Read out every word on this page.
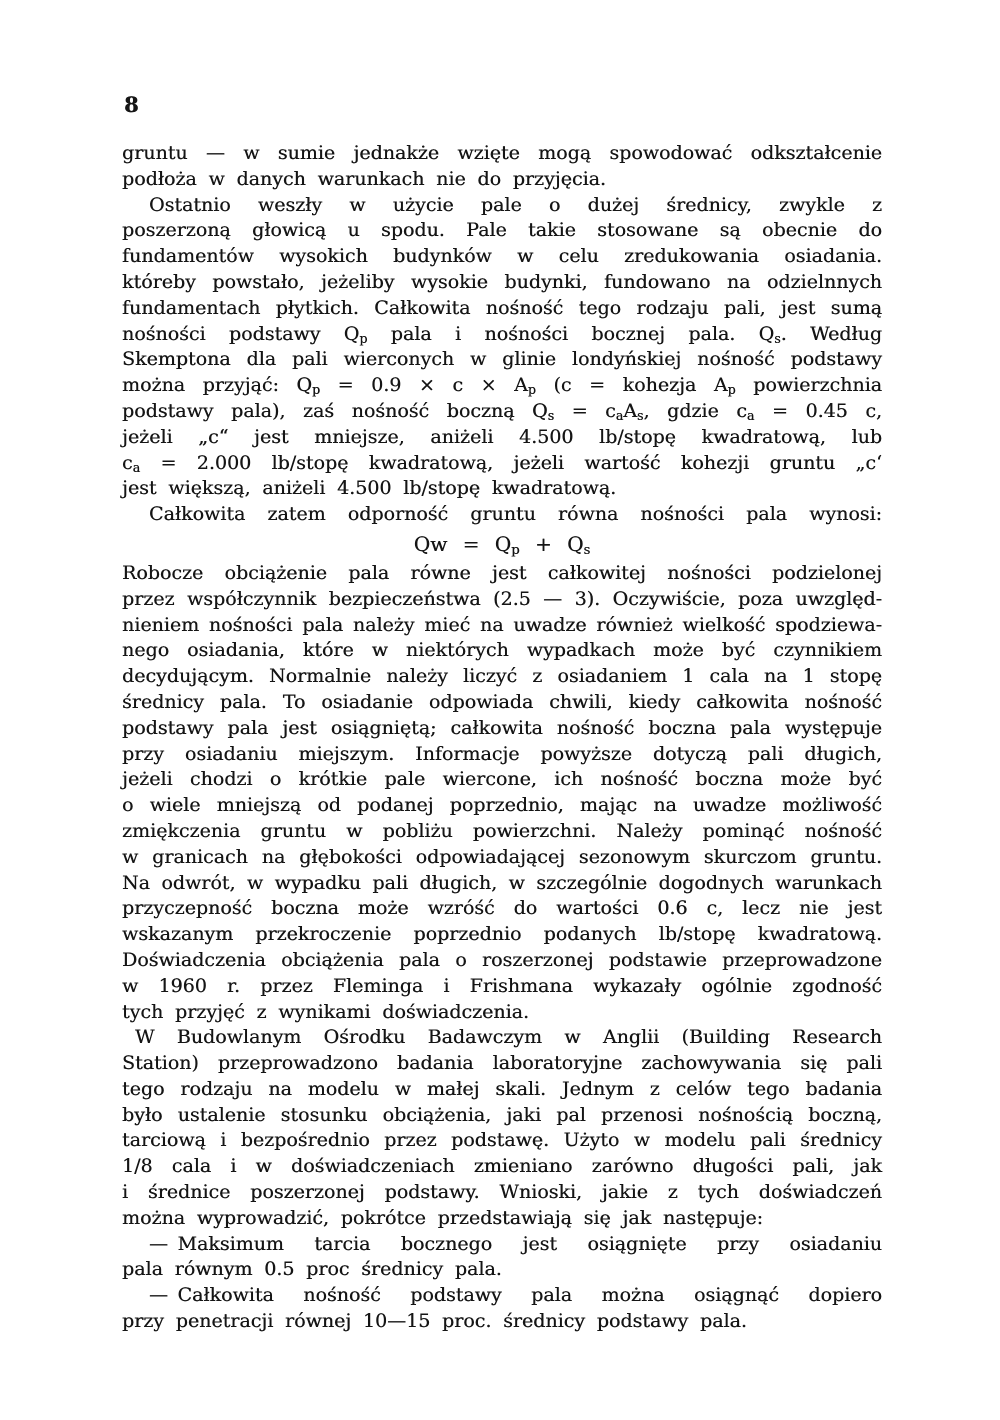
8
gruntu — w sumie jednakże wzięte mogą spowodować odkształcenie
podłoża w danych warunkach nie do przyjęcia.
Ostatnio weszły w użycie pale o dużej średnicy, zwykle z
poszerzoną głowicą u spodu. Pale takie stosowane są obecnie do
fundamentów wysokich budynków w celu zredukowania osiadania.
któreby powstało, jeżeliby wysokie budynki, fundowano na odzielnnych
fundamentach płytkich. Całkowita nośność tego rodzaju pali, jest sumą
nośności podstawy $Q_p$ pala i nośności bocznej pala. $Q_s$. Według
Skemptona dla pali wierconych w glinie londyńskiej nośność podstawy
można przyjąć: $Q_p = 0.9 \times c \times A_p$ (c = kohezja $A_p$ powierzchnia
podstawy pala), zaś nośność boczną $Q_s = c_aA_s$, gdzie $c_a = 0.45$ c,
jeżeli „c“ jest mniejsze, aniżeli 4.500 lb/stopę kwadratową, lub
$c_a = 2.000$ lb/stopę kwadratową, jeżeli wartość kohezji gruntu „c‘
jest większą, aniżeli 4.500 lb/stopę kwadratową.
Całkowita zatem odporność gruntu równa nośności pala wynosi:
$Qw = Q_p + Q_s$
Robocze obciążenie pala równe jest całkowitej nośności podzielonej
przez współczynnik bezpieczeństwa (2.5 — 3). Oczywiście, poza uwzględ-
nieniem nośności pala należy mieć na uwadze również wielkość spodziewa-
nego osiadania, które w niektórych wypadkach może być czynnikiem
decydującym. Normalnie należy liczyć z osiadaniem 1 cala na 1 stopę
średnicy pala. To osiadanie odpowiada chwili, kiedy całkowita nośność
podstawy pala jest osiągniętą; całkowita nośność boczna pala występuje
przy osiadaniu miejszym. Informacje powyższe dotyczą pali długich,
jeżeli chodzi o krótkie pale wiercone, ich nośność boczna może być
o wiele mniejszą od podanej poprzednio, mając na uwadze możliwość
zmiękczenia gruntu w pobliżu powierzchni. Należy pominąć nośność
w granicach na głębokości odpowiadającej sezonowym skurczom gruntu.
Na odwrót, w wypadku pali długich, w szczególnie dogodnych warunkach
przyczepność boczna może wzróść do wartości 0.6 c, lecz nie jest
wskazanym przekroczenie poprzednio podanych lb/stopę kwadratową.
Doświadczenia obciążenia pala o roszerzonej podstawie przeprowadzone
w 1960 r. przez Fleminga i Frishmana wykazały ogólnie zgodność
tych przyjęć z wynikami doświadczenia.
W Budowlanym Ośrodku Badawczym w Anglii (Building Research
Station) przeprowadzono badania laboratoryjne zachowywania się pali
tego rodzaju na modelu w małej skali. Jednym z celów tego badania
było ustalenie stosunku obciążenia, jaki pal przenosi nośnością boczną,
tarciową i bezpośrednio przez podstawę. Użyto w modelu pali średnicy
1/8 cala i w doświadczeniach zmieniano zarówno długości pali, jak
i średnice poszerzonej podstawy. Wnioski, jakie z tych doświadczeń
można wyprowadzić, pokrótce przedstawiają się jak następuje:
— Maksimum tarcia bocznego jest osiągnięte przy osiadaniu
pala równym 0.5 proc średnicy pala.
— Całkowita nośność podstawy pala można osiągnąć dopiero
przy penetracji równej 10—15 proc. średnicy podstawy pala.
